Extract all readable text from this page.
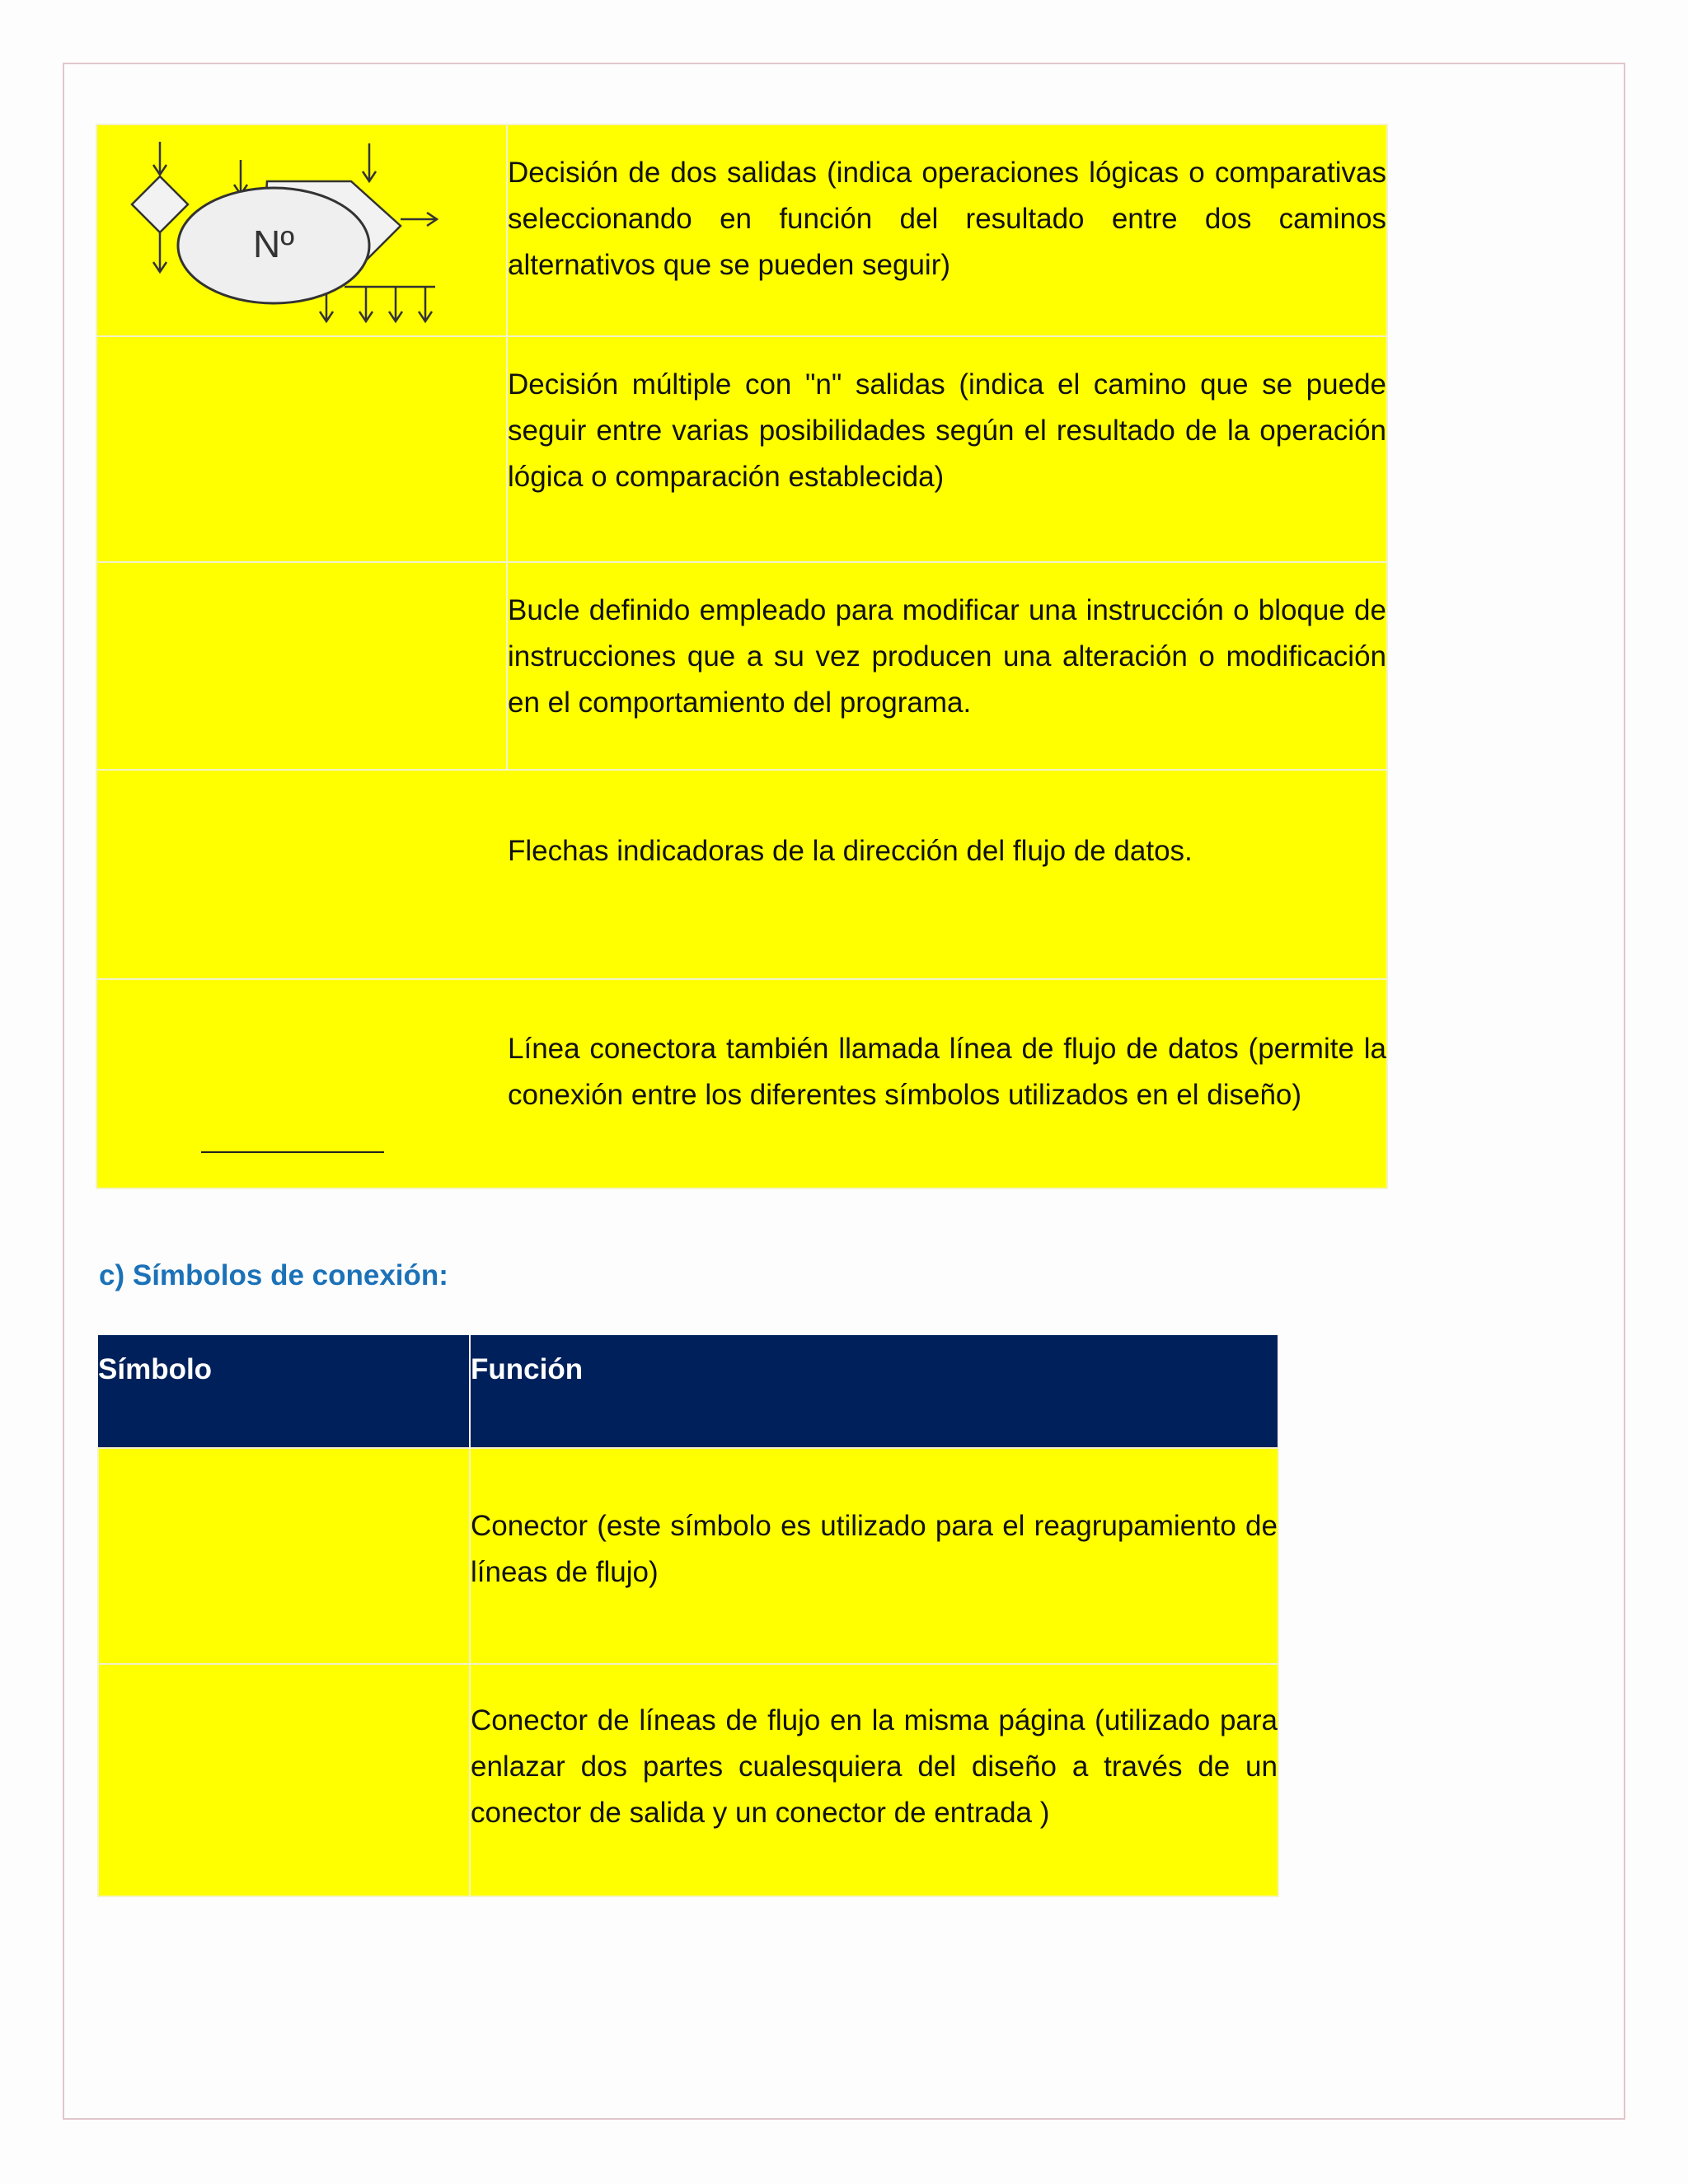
Nº	Decisión de dos salidas (indica operaciones lógicas o comparativas seleccionando en función del resultado entre dos caminos alternativos que se pueden seguir)

	Decisión múltiple con "n" salidas (indica el camino que se puede seguir entre varias posibilidades según el resultado de la operación lógica o comparación establecida)

	Bucle definido empleado para modificar una instrucción o bloque de instrucciones que a su vez producen una alteración o modificación en el comportamiento del programa.

	Flechas indicadoras de la dirección del flujo de datos.

	Línea conectora también llamada línea de flujo de datos (permite la conexión entre los diferentes símbolos utilizados en el diseño)

c) Símbolos de conexión:
Símbolo	Función

	Conector (este símbolo es utilizado para el reagrupamiento de líneas de flujo)

	Conector de líneas de flujo en la misma página (utilizado para enlazar dos partes cualesquiera del diseño a través de un conector de salida y un conector de entrada )
